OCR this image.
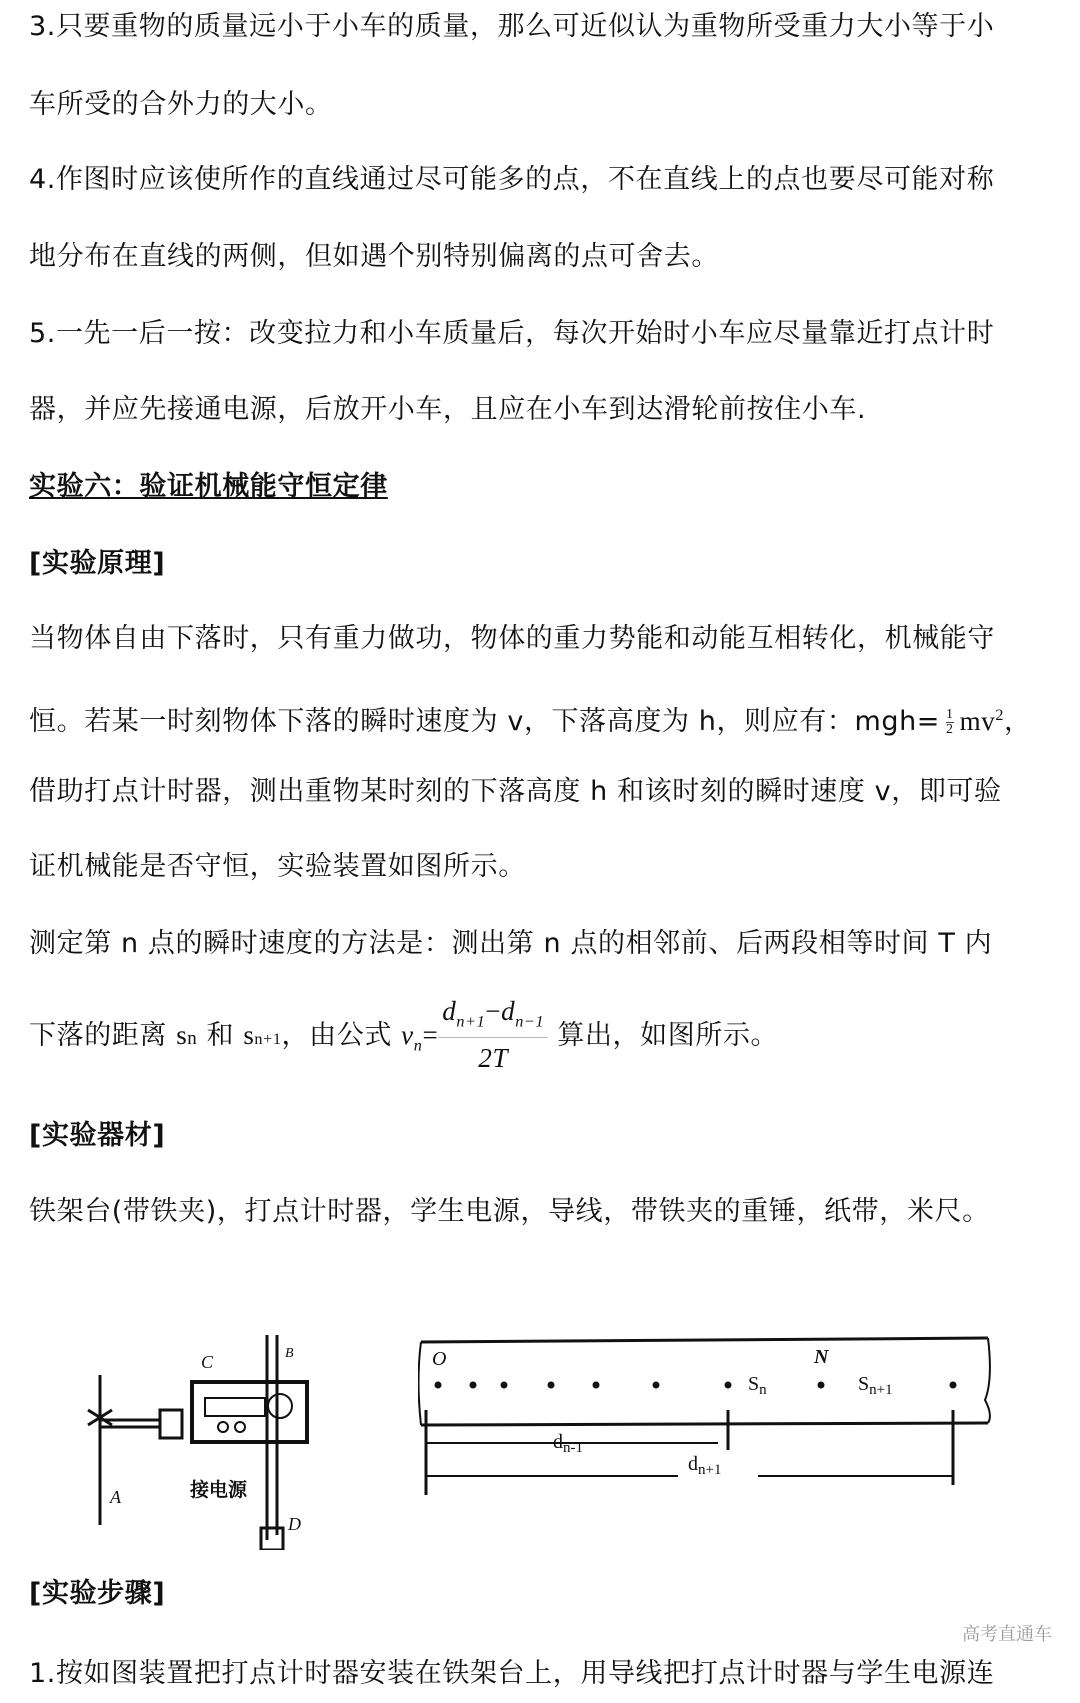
3.只要重物的质量远小于小车的质量，那么可近似认为重物所受重力大小等于小
车所受的合外力的大小。
4.作图时应该使所作的直线通过尽可能多的点，不在直线上的点也要尽可能对称
地分布在直线的两侧，但如遇个别特别偏离的点可舍去。
5.一先一后一按：改变拉力和小车质量后，每次开始时小车应尽量靠近打点计时
器，并应先接通电源，后放开小车，且应在小车到达滑轮前按住小车.
实验六：验证机械能守恒定律
[实验原理]
当物体自由下落时，只有重力做功，物体的重力势能和动能互相转化，机械能守
恒。若某一时刻物体下落的瞬时速度为 v，下落高度为 h，则应有：$mgh= \frac{1}{2} mv^2$，
借助打点计时器，测出重物某时刻的下落高度 h 和该时刻的瞬时速度 v，即可验
证机械能是否守恒，实验装置如图所示。
测定第 n 点的瞬时速度的方法是：测出第 n 点的相邻前、后两段相等时间 T 内
下落的距离 sn 和 sn+1，由公式 $v_n= \frac{d_{n+1}-d_{n-1}}{2T}$ 算出，如图所示。
[实验器材]
铁架台(带铁夹)，打点计时器，学生电源，导线，带铁夹的重锤，纸带，米尺。
C	B
A
D
接电源
O	N
$S_n$	$S_{n+1}$
$d_{n-1}$
$d_{n+1}$
[实验步骤]
高考直通车
1.按如图装置把打点计时器安装在铁架台上，用导线把打点计时器与学生电源连
